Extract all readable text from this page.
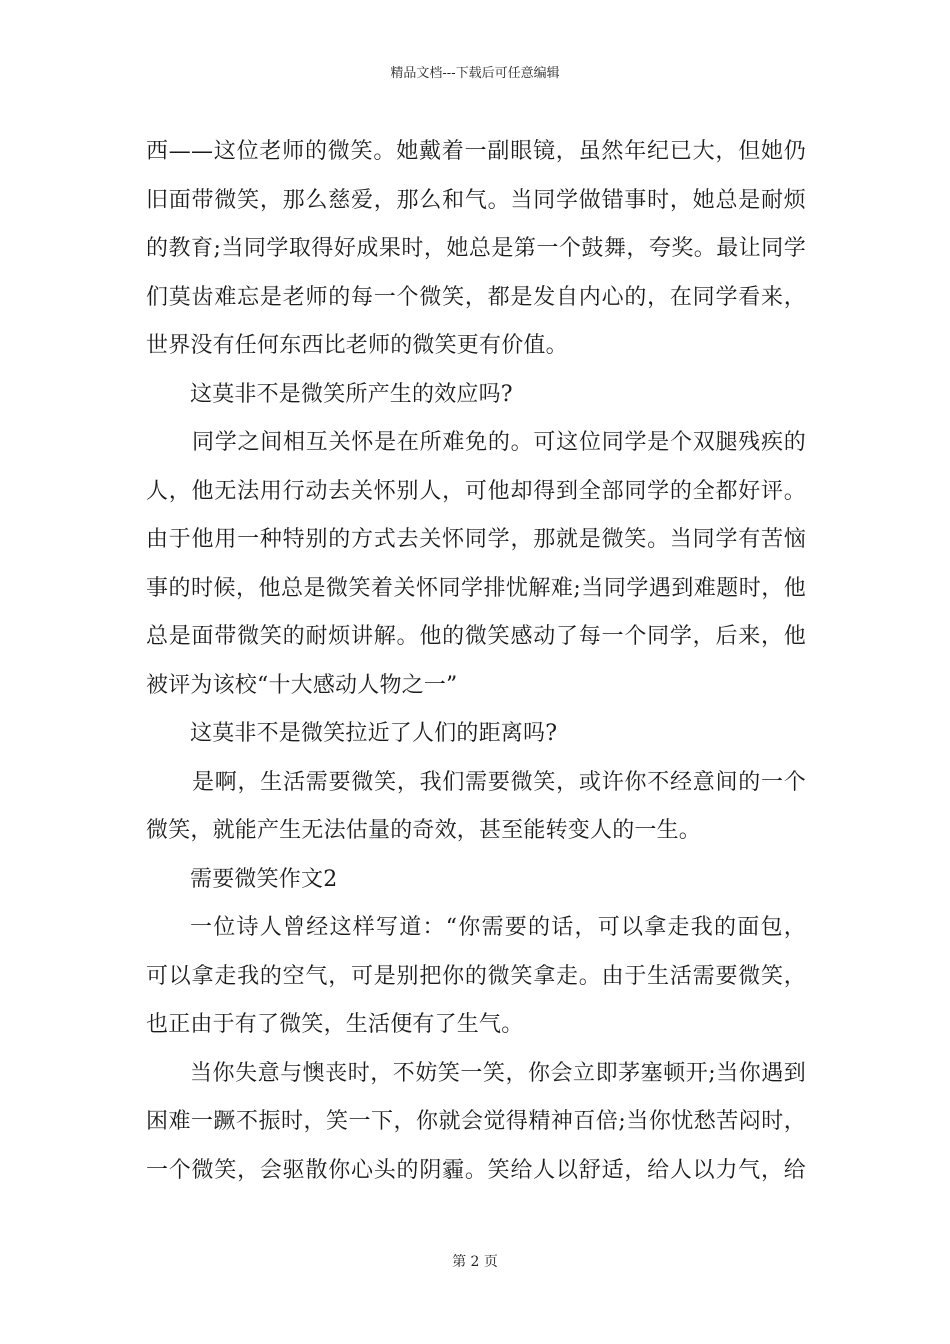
精品文档---下载后可任意编辑
西——这位老师的微笑。她戴着一副眼镜，虽然年纪已大，但她仍
旧面带微笑，那么慈爱，那么和气。当同学做错事时，她总是耐烦
的教育;当同学取得好成果时，她总是第一个鼓舞，夸奖。最让同学
们莫齿难忘是老师的每一个微笑，都是发自内心的，在同学看来，
世界没有任何东西比老师的微笑更有价值。
这莫非不是微笑所产生的效应吗?
同学之间相互关怀是在所难免的。可这位同学是个双腿残疾的
人，他无法用行动去关怀别人，可他却得到全部同学的全都好评。
由于他用一种特别的方式去关怀同学，那就是微笑。当同学有苦恼
事的时候，他总是微笑着关怀同学排忧解难;当同学遇到难题时，他
总是面带微笑的耐烦讲解。他的微笑感动了每一个同学，后来，他
被评为该校“十大感动人物之一”
这莫非不是微笑拉近了人们的距离吗?
是啊，生活需要微笑，我们需要微笑，或许你不经意间的一个
微笑，就能产生无法估量的奇效，甚至能转变人的一生。
需要微笑作文2
一位诗人曾经这样写道：“你需要的话，可以拿走我的面包，
可以拿走我的空气，可是别把你的微笑拿走。由于生活需要微笑，
也正由于有了微笑，生活便有了生气。
当你失意与懊丧时，不妨笑一笑，你会立即茅塞顿开;当你遇到
困难一蹶不振时，笑一下，你就会觉得精神百倍;当你忧愁苦闷时，
一个微笑，会驱散你心头的阴霾。笑给人以舒适，给人以力气，给
第 2 页
